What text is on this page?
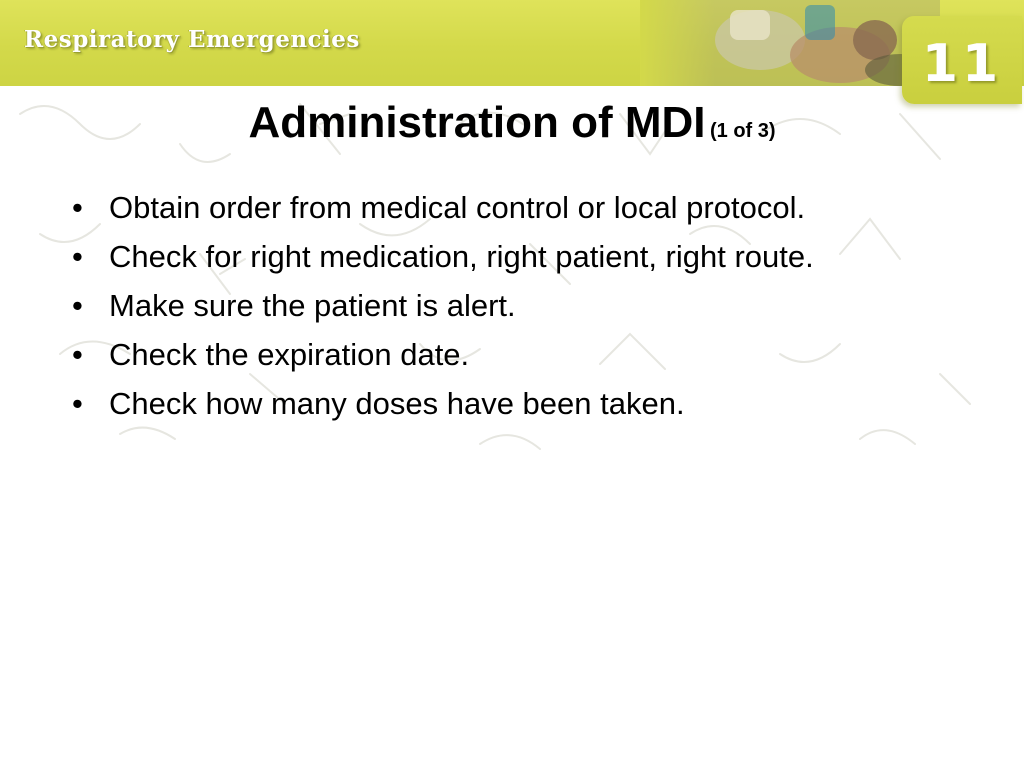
Respiratory Emergencies	11
Administration of MDI (1 of 3)
• Obtain order from medical control or local protocol.
• Check for right medication, right patient, right route.
• Make sure the patient is alert.
• Check the expiration date.
• Check how many doses have been taken.
